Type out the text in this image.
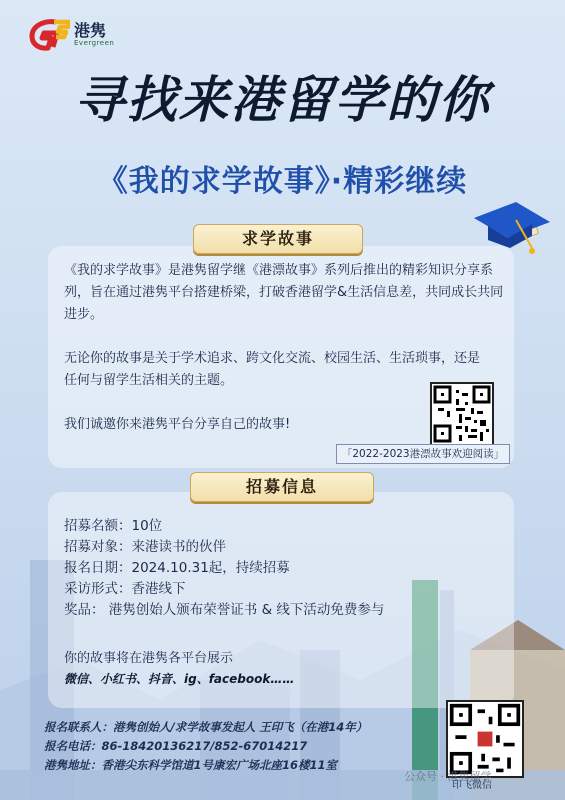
港隽
Evergreen
寻找来港留学的你
《我的求学故事》·精彩继续
求学故事
《我的求学故事》是港隽留学继《港漂故事》系列后推出的精彩知识分享系列，旨在通过港隽平台搭建桥梁，打破香港留学&生活信息差，共同成长共同进步。
无论你的故事是关于学术追求、跨文化交流、校园生活、生活琐事，还是任何与留学生活相关的主题。
我们诚邀你来港隽平台分享自己的故事!
「2022-2023港漂故事欢迎阅读」
招募信息
招募名额：10位
招募对象：来港读书的伙伴
报名日期：2024.10.31起，持续招募
采访形式：香港线下
奖品： 港隽创始人颁布荣誉证书 & 线下活动免费参与
你的故事将在港隽各平台展示
微信、小红书、抖音、ig、facebook……
报名联系人：港隽创始人/求学故事发起人 王印飞（在港14年）
报名电话：86-18420136217/852-67014217
港隽地址：香港尖东科学馆道1号康宏广场北座16楼11室
印飞微信
公众号 · 港隽留学
